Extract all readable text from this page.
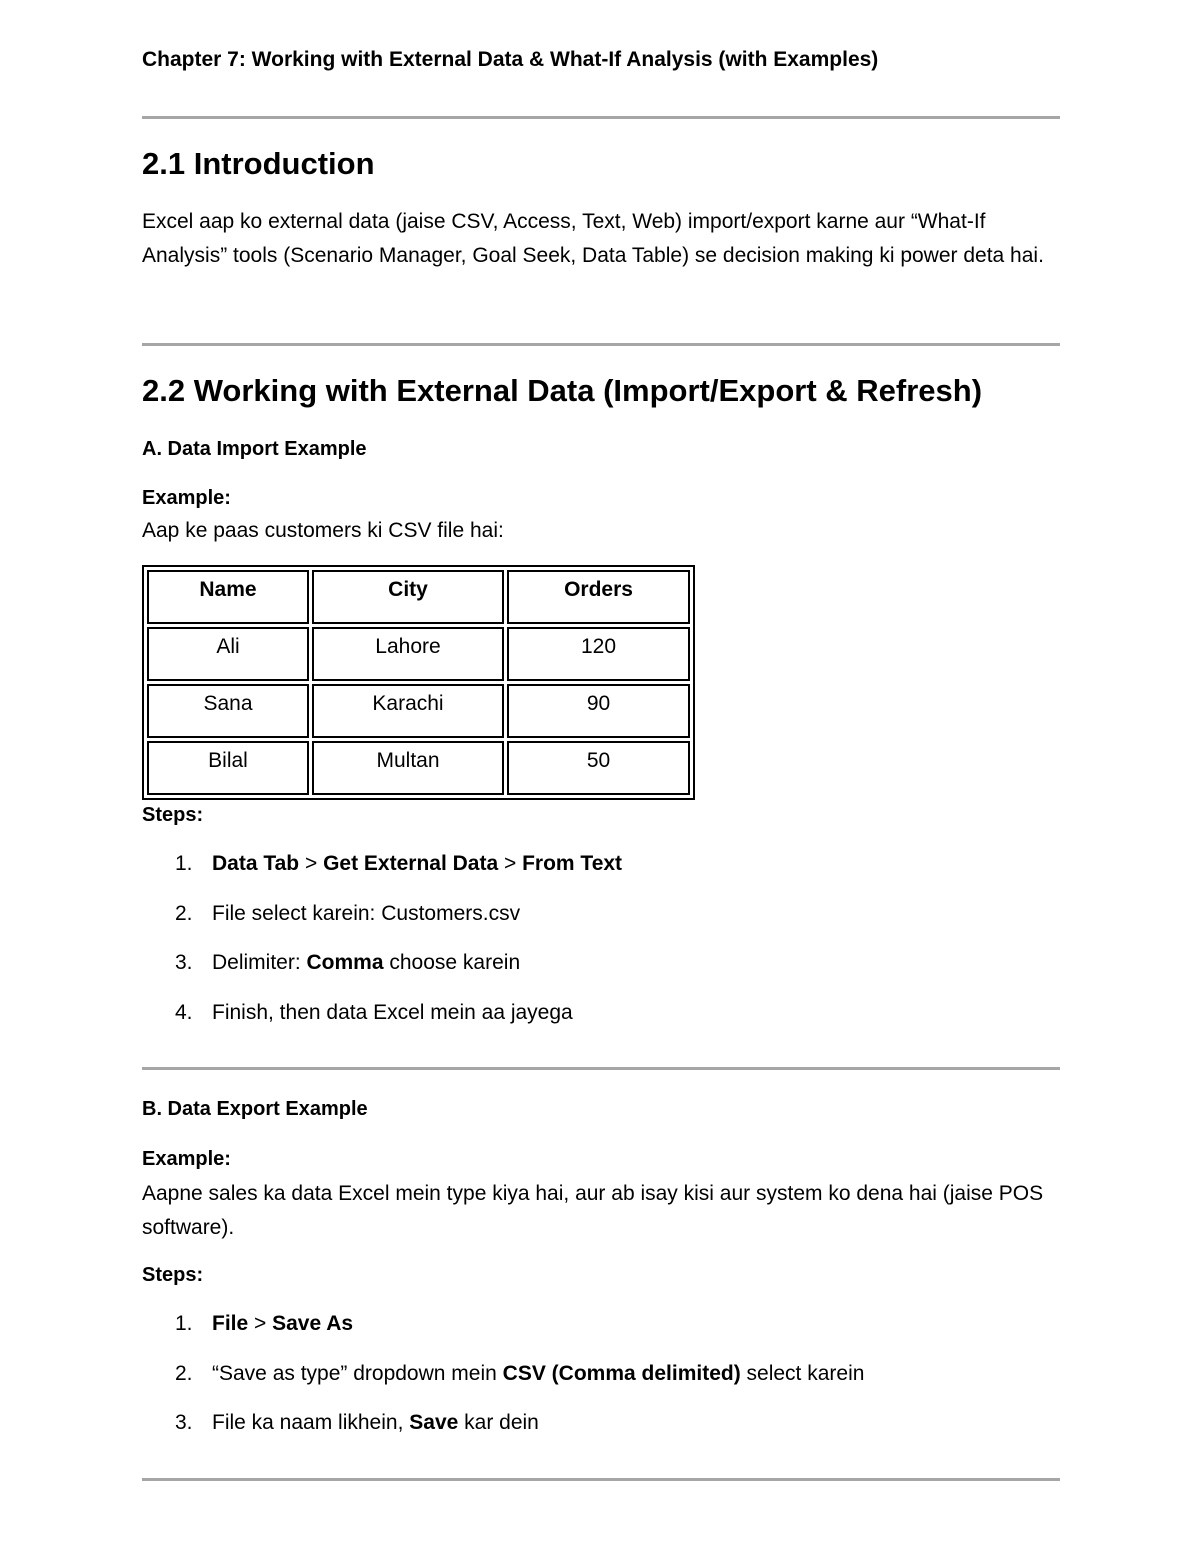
Chapter 7: Working with External Data & What-If Analysis (with Examples)
2.1 Introduction

Excel aap ko external data (jaise CSV, Access, Text, Web) import/export karne aur “What-If Analysis” tools (Scenario Manager, Goal Seek, Data Table) se decision making ki power deta hai.

2.2 Working with External Data (Import/Export & Refresh)
A. Data Import Example
Example:
Aap ke paas customers ki CSV file hai:
Name	City	Orders
Ali	Lahore	120
Sana	Karachi	90
Bilal	Multan	50
Steps:
1. Data Tab > Get External Data > From Text
2. File select karein: Customers.csv
3. Delimiter: Comma choose karein
4. Finish, then data Excel mein aa jayega
B. Data Export Example
Example:

Aapne sales ka data Excel mein type kiya hai, aur ab isay kisi aur system ko dena hai (jaise POS software).

Steps:
1. File > Save As
2. “Save as type” dropdown mein CSV (Comma delimited) select karein
3. File ka naam likhein, Save kar dein
